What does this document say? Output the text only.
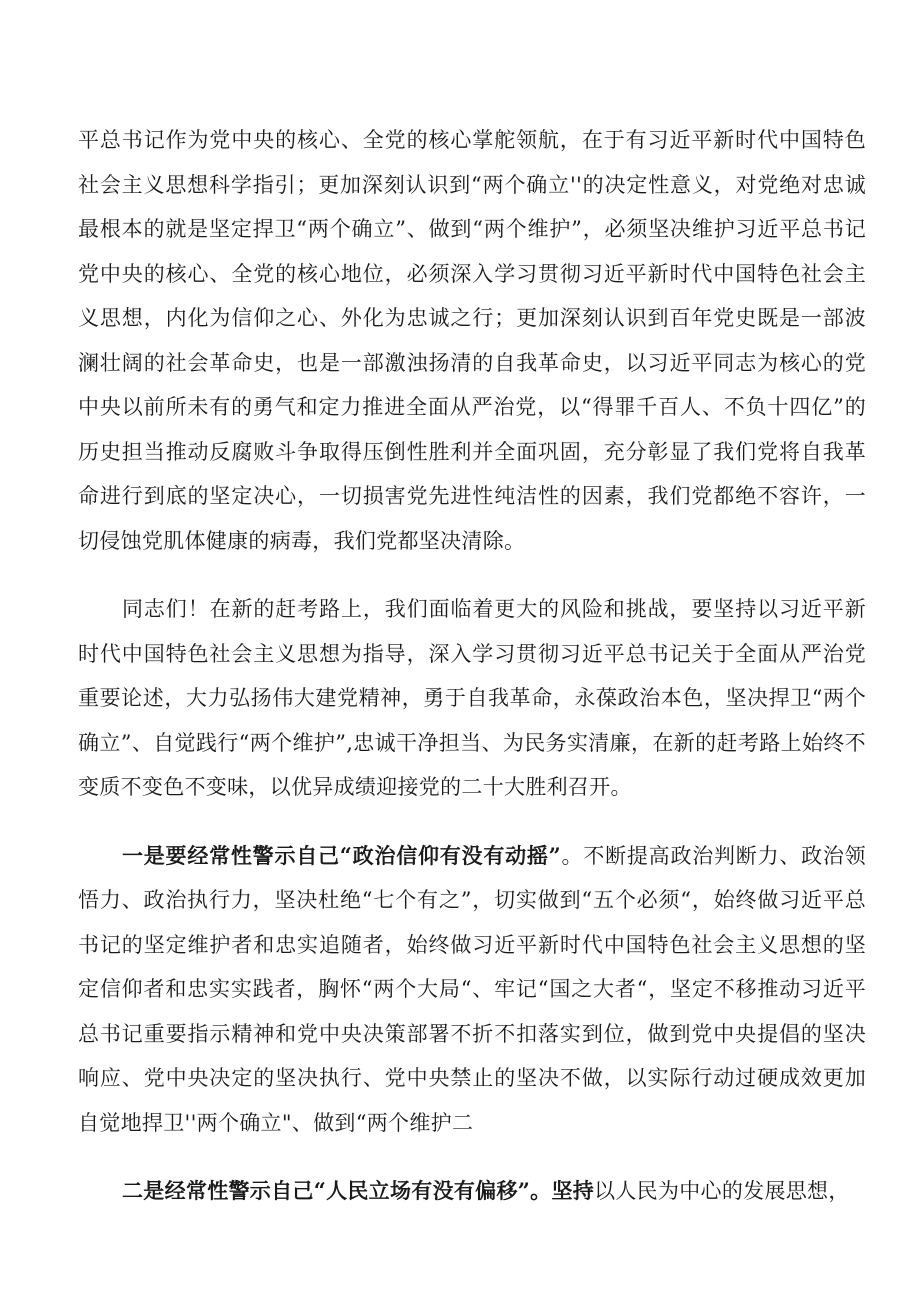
平总书记作为党中央的核心、全党的核心掌舵领航，在于有习近平新时代中国特色社会主义思想科学指引；更加深刻认识到“两个确立''的决定性意义，对党绝对忠诚最根本的就是坚定捍卫“两个确立”、做到“两个维护”，必须坚决维护习近平总书记党中央的核心、全党的核心地位，必须深入学习贯彻习近平新时代中国特色社会主义思想，内化为信仰之心、外化为忠诚之行；更加深刻认识到百年党史既是一部波澜壮阔的社会革命史，也是一部激浊扬清的自我革命史，以习近平同志为核心的党中央以前所未有的勇气和定力推进全面从严治党，以“得罪千百人、不负十四亿”的历史担当推动反腐败斗争取得压倒性胜利并全面巩固，充分彰显了我们党将自我革命进行到底的坚定决心，一切损害党先进性纯洁性的因素，我们党都绝不容许，一切侵蚀党肌体健康的病毒，我们党都坚决清除。

同志们！在新的赶考路上，我们面临着更大的风险和挑战，要坚持以习近平新时代中国特色社会主义思想为指导，深入学习贯彻习近平总书记关于全面从严治党重要论述，大力弘扬伟大建党精神，勇于自我革命，永葆政治本色，坚决捍卫“两个确立”、自觉践行“两个维护”,忠诚干净担当、为民务实清廉，在新的赶考路上始终不变质不变色不变味，以优异成绩迎接党的二十大胜利召开。

一是要经常性警示自己“政治信仰有没有动摇”。不断提高政治判断力、政治领悟力、政治执行力，坚决杜绝“七个有之”，切实做到“五个必须“，始终做习近平总书记的坚定维护者和忠实追随者，始终做习近平新时代中国特色社会主义思想的坚定信仰者和忠实实践者，胸怀“两个大局“、牢记“国之大者“，坚定不移推动习近平总书记重要指示精神和党中央决策部署不折不扣落实到位，做到党中央提倡的坚决响应、党中央决定的坚决执行、党中央禁止的坚决不做，以实际行动过硬成效更加自觉地捍卫''两个确立"、做到“两个维护二

二是经常性警示自己“人民立场有没有偏移”。坚持以人民为中心的发展思想，
